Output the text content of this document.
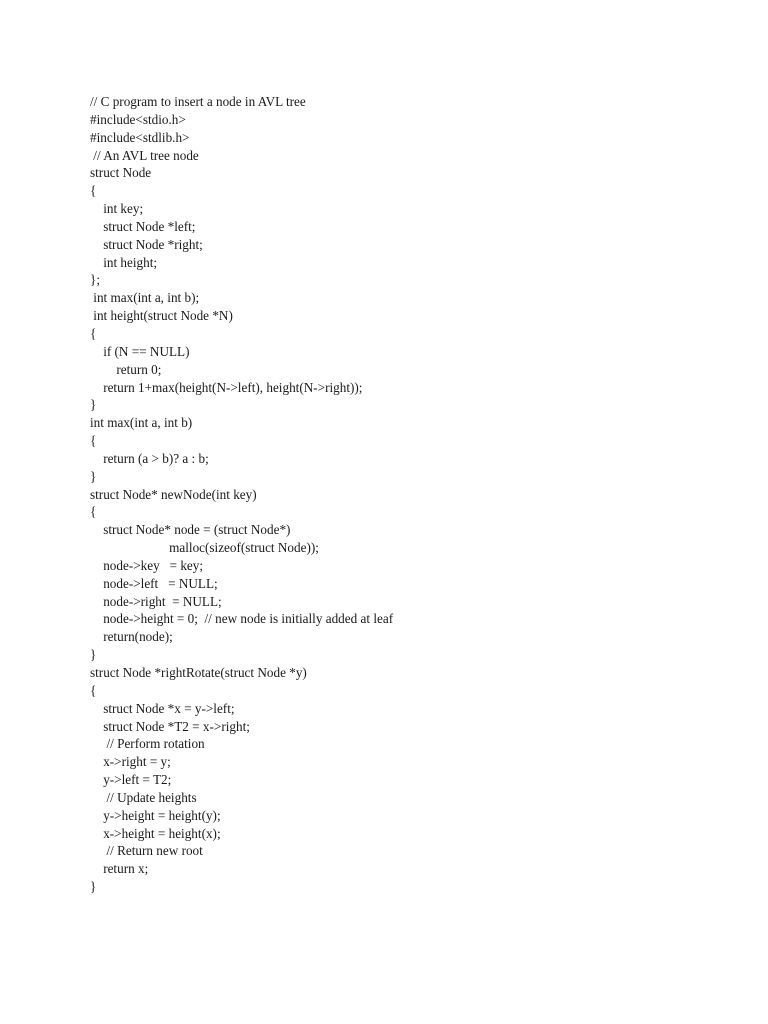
// C program to insert a node in AVL tree
#include<stdio.h>
#include<stdlib.h>
// An AVL tree node
struct Node
{
int key;
struct Node *left;
struct Node *right;
int height;
};
int max(int a, int b);
int height(struct Node *N)
{
if (N == NULL)
return 0;
return 1+max(height(N->left), height(N->right));
}
int max(int a, int b)
{
return (a > b)? a : b;
}
struct Node* newNode(int key)
{
struct Node* node = (struct Node*)
malloc(sizeof(struct Node));
node->key   = key;
node->left   = NULL;
node->right  = NULL;
node->height = 0;  // new node is initially added at leaf
return(node);
}
struct Node *rightRotate(struct Node *y)
{
struct Node *x = y->left;
struct Node *T2 = x->right;
// Perform rotation
x->right = y;
y->left = T2;
// Update heights
y->height = height(y);
x->height = height(x);
// Return new root
return x;
}
